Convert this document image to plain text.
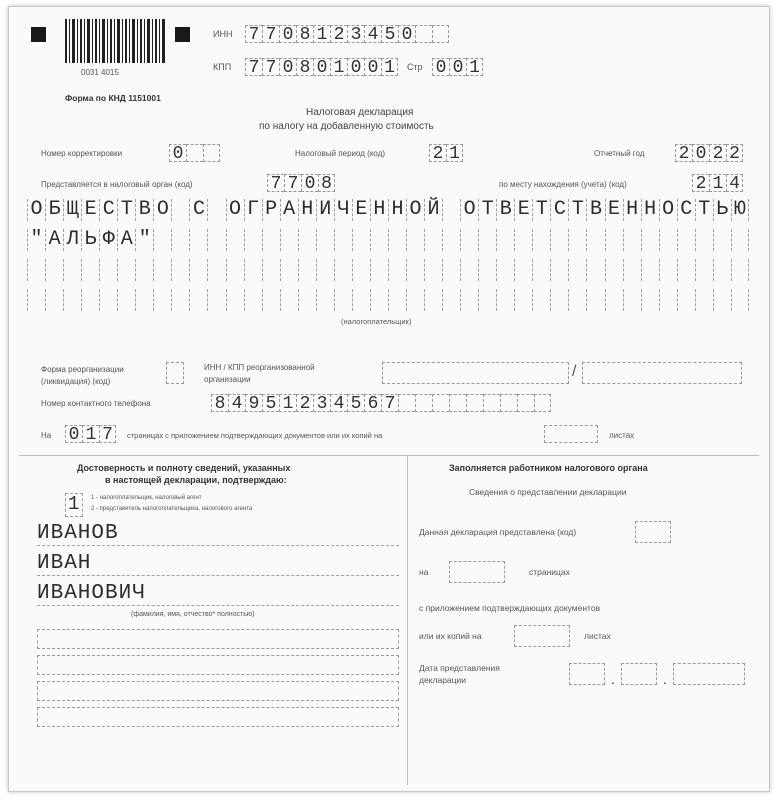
0031 4015
ИНН 7 7 0 8 1 2 3 4 5 0
КПП 7 7 0 8 0 1 0 0 1	Стр 0 0 1
Форма по КНД 1151001
Налоговая декларация
по налогу на добавленную стоимость
Номер корректировки	0	Налоговый период (код)	2 1	Отчетный год 2 0 2 2
Представляется в налоговый орган (код)	7 7 0 8	по месту нахождения (учета) (код)	2 1 4
О Б Щ Е С Т В О С О Г Р А Н И Ч Е Н Н О Й О Т В Е Т С Т В Е Н Н О С Т Ь Ю
" А Л Ь Ф А "
(налогоплательщик)
Форма реорганизации
(ликвидация) (код)
ИНН / КПП реорганизованной
организации	/
Номер контактного телефона	8 4 9 5 1 2 3 4 5 6 7
На 0 1 7	страницах с приложением подтверждающих документов или их копий на	листах
Достоверность и полноту сведений, указанных
в настоящей декларации, подтверждаю:
1 1 - налогоплательщик, налоговый агент
2 - представитель налогоплательщика, налогового агента
ИВАНОВ
ИВАН
ИВАНОВИЧ
(фамилия, имя, отчество* полностью)
Заполняется работником налогового органа
Сведения о представлении декларации
Данная декларация представлена (код)
на	страницах
с приложением подтверждающих документов
или их копий на	листах
Дата представления
декларации	.	.
